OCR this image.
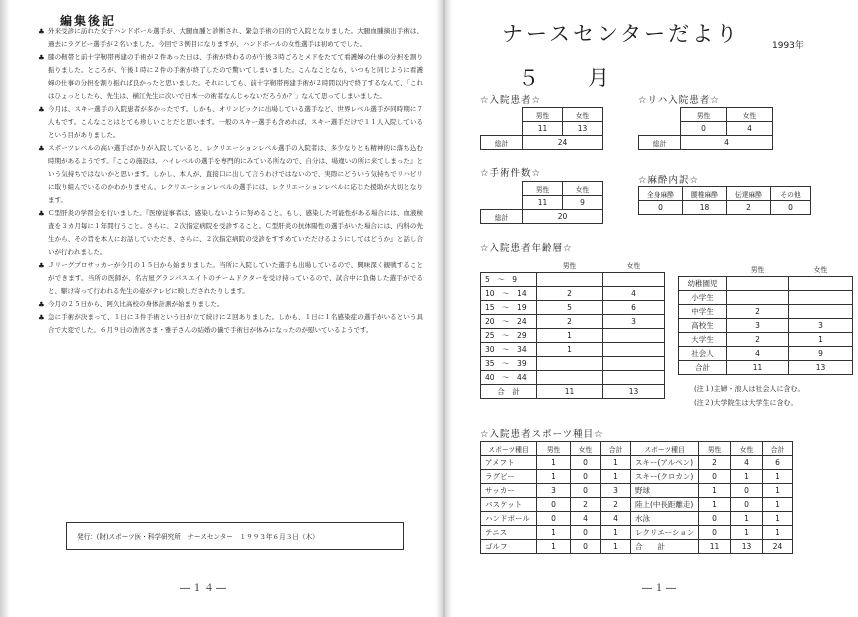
編集後記
♣ 外来受診に訪れた女子ハンドボール選手が、大腿血腫と診断され、緊急手術の目的で入院となりました。大腿血腫摘出手術は、過去にラグビー選手が２名いました。今回で３例目になりますが、ハンドボールの女性選手は初めてでした。
♣ 膝の靭帯と前十字靭帯再建の手術が２件あった日は、手術が終わるのが午後３時ごろとメドをたてて看護婦の仕事の分担を割り振りました。ところが、午後１時に２件の手術が終了したので驚いてしまいました。こんなことなら、いつもと同じように看護婦の仕事の分担を割り振れば良かったと思いました。それにしても、前十字靭帯再建手術が２時間以内で終了するなんて、「これはひょっとしたら、先生は、横江先生に次いで日本一の術者なんじゃないだろうか？」なんて思ってしまいました。
♣ 今月は、スキー選手の入院患者が多かったです。しかも、オリンピックに出場している選手など、世界レベル選手が同時期に７人もです。こんなことはとても珍しいことだと思います。一般のスキー選手も含めれば、スキー選手だけで１１人入院しているという目がありました。
♣ スポーツレベルの高い選手ばかりが入院していると、レクリエーションレベル選手の入院者は、多少なりとも精神的に落ち込む時期があるようです。『ここの施設は、ハイレベルの選手を専門的にみている所なので、自分は、場違いの所に来てしまった』という気持ちではないかと思います。しかし、本人が、直接口に出して言うわけではないので、実際にどういう気持ちでリハビリに取り組んでいるのかわかりません。レクリエーションレベルの選手には、レクリエーションレベルに応じた援助が大切となります。
♣ Ｃ型肝炎の学習会を行いました。『医療従事者は、感染しないように努めること。もし、感染した可能性がある場合には、血液検査を３カ月毎に１年間行うこと。さらに、２次指定病院を受診すること。Ｃ型肝炎の抗体陽性の選手がいた場合には、内科の先生から、その旨を本人にお話していただき、さらに、２次指定病院の受診をすすめていただけるようにしてはどうか』と話し合いが行われました。
♣ Ｊリーグプロサッカーが今月の１５日から始まりました。当所に入院していた選手も出場しているので、興味深く観戦することができます。当所の医師が、名古屋グランパスエイトのチームドクターを受け持っているので、試合中に負傷した選手がでると、駆け寄って行われる先生の姿がテレビに映しだされたりします。
♣ 今月の２５日から、阿久比高校の身体計測が始まりました。
♣ 急に手術が決まって、１日に３件手術という日が立て続けに２回ありました。しかも、１日に１名感染症の選手がいるという具合で大変でした。６月９日の浩宮さま・雅子さんの結婚の儀で手術日が休みになったのが慰いているようです。
発行：(財)スポーツ医・科学研究所　ナースセンター　１９９３年６月３日（木）
―１４―
ナースセンターだより	1993年
５　月
☆入院患者☆
	男性	女性
	11	13
総計	24	
☆リハ入院患者☆
	男性	女性
	0	4
総計	4	
☆手術件数☆
	男性	女性
	11	9
総計	20	
☆麻酔内訳☆
全身麻酔	腰椎麻酔	伝達麻酔	その他
0	18	2	0
☆入院患者年齢層☆
	男性	女性
5　～　9		
10　～　14	2	4
15　～　19	5	6
20　～　24	2	3
25　～　29	1	
30　～　34	1	
35　～　39		
40　～　44		
合　計	11	13
	男性	女性
幼稚園児		
小学生		
中学生	2	
高校生	3	3
大学生	2	1
社会人	4	9
合計	11	13
(注１)主婦・浪人は社会人に含む。
(注２)大学院生は大学生に含む。
☆入院患者スポーツ種目☆
スポーツ種目	男性	女性	合計	スポーツ種目	男性	女性	合計
アメフト	1	0	1	スキー(アルペン)	2	4	6
ラグビー	1	0	1	スキー(クロカン)	0	1	1
サッカー	3	0	3	野球	1	0	1
バスケット	0	2	2	陸上(中長距離走)	1	0	1
ハンドボール	0	4	4	水泳	0	1	1
テニス	1	0	1	レクリエーション	0	1	1
ゴルフ	1	0	1	合　　計	11	13	24
―１―
